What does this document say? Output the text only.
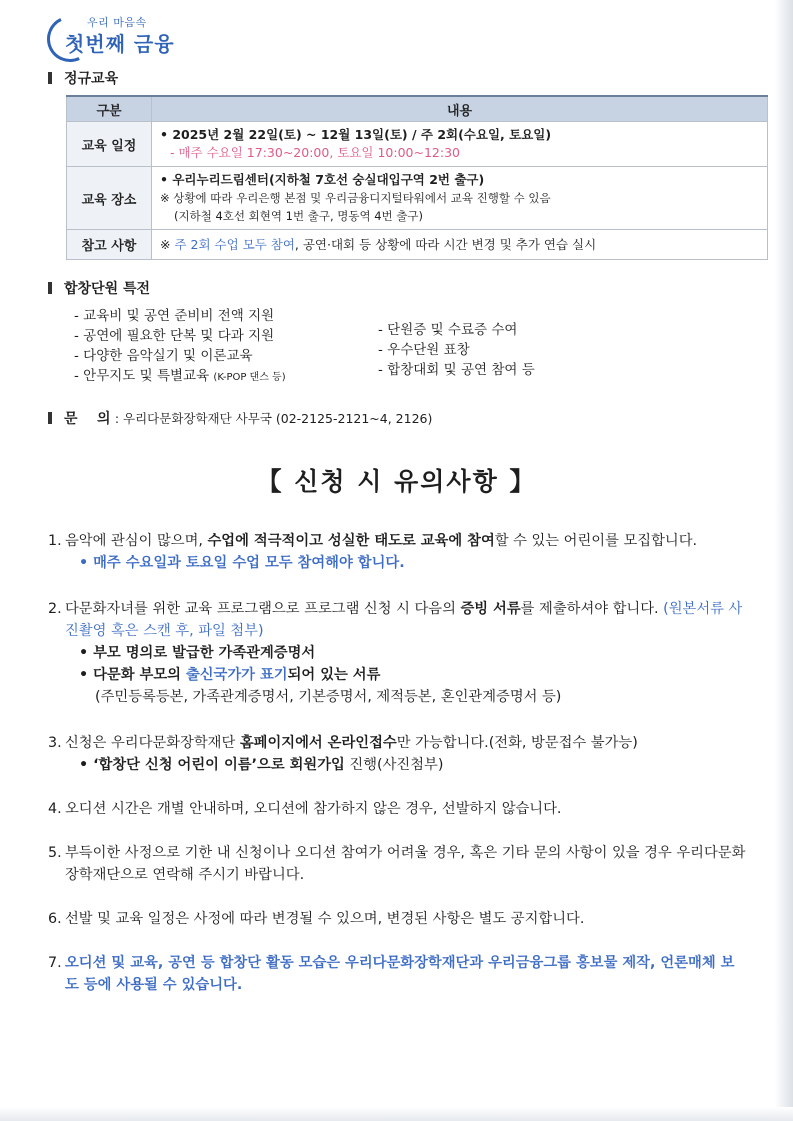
우리 마음속
첫번째 금융
정규교육
구분	내용
교육 일정	• 2025년 2월 22일(토) ~ 12월 13일(토) / 주 2회(수요일, 토요일)
- 매주 수요일 17:30~20:00, 토요일 10:00~12:30

교육 장소	• 우리누리드림센터(지하철 7호선 숭실대입구역 2번 출구)
※ 상황에 따라 우리은행 본점 및 우리금융디지털타워에서 교육 진행할 수 있음
(지하철 4호선 회현역 1번 출구, 명동역 4번 출구)

참고 사항	※ 주 2회 수업 모두 참여, 공연·대회 등 상황에 따라 시간 변경 및 추가 연습 실시
합창단원 특전
- 교육비 및 공연 준비비 전액 지원
- 공연에 필요한 단복 및 다과 지원
- 다양한 음악실기 및 이론교육
- 안무지도 및 특별교육 (K-POP 댄스 등)
- 단원증 및 수료증 수여
- 우수단원 표창
- 합창대회 및 공연 참여 등
문    의 : 우리다문화장학재단 사무국 (02-2125-2121~4, 2126)
【 신청 시 유의사항 】
1. 음악에 관심이 많으며, 수업에 적극적이고 성실한 태도로 교육에 참여할 수 있는 어린이를 모집합니다.
• 매주 수요일과 토요일 수업 모두 참여해야 합니다.
2. 다문화자녀를 위한 교육 프로그램으로 프로그램 신청 시 다음의 증빙 서류를 제출하셔야 합니다. (원본서류 사진촬영 혹은 스캔 후, 파일 첨부)
• 부모 명의로 발급한 가족관계증명서
• 다문화 부모의 출신국가가 표기되어 있는 서류
(주민등록등본, 가족관계증명서, 기본증명서, 제적등본, 혼인관계증명서 등)
3. 신청은 우리다문화장학재단 홈페이지에서 온라인접수만 가능합니다.(전화, 방문접수 불가능)
• ‘합창단 신청 어린이 이름’으로 회원가입 진행(사진첨부)
4. 오디션 시간은 개별 안내하며, 오디션에 참가하지 않은 경우, 선발하지 않습니다.
5. 부득이한 사정으로 기한 내 신청이나 오디션 참여가 어려울 경우, 혹은 기타 문의 사항이 있을 경우 우리다문화장학재단으로 연락해 주시기 바랍니다.
6. 선발 및 교육 일정은 사정에 따라 변경될 수 있으며, 변경된 사항은 별도 공지합니다.
7. 오디션 및 교육, 공연 등 합창단 활동 모습은 우리다문화장학재단과 우리금융그룹 홍보물 제작, 언론매체 보도 등에 사용될 수 있습니다.
